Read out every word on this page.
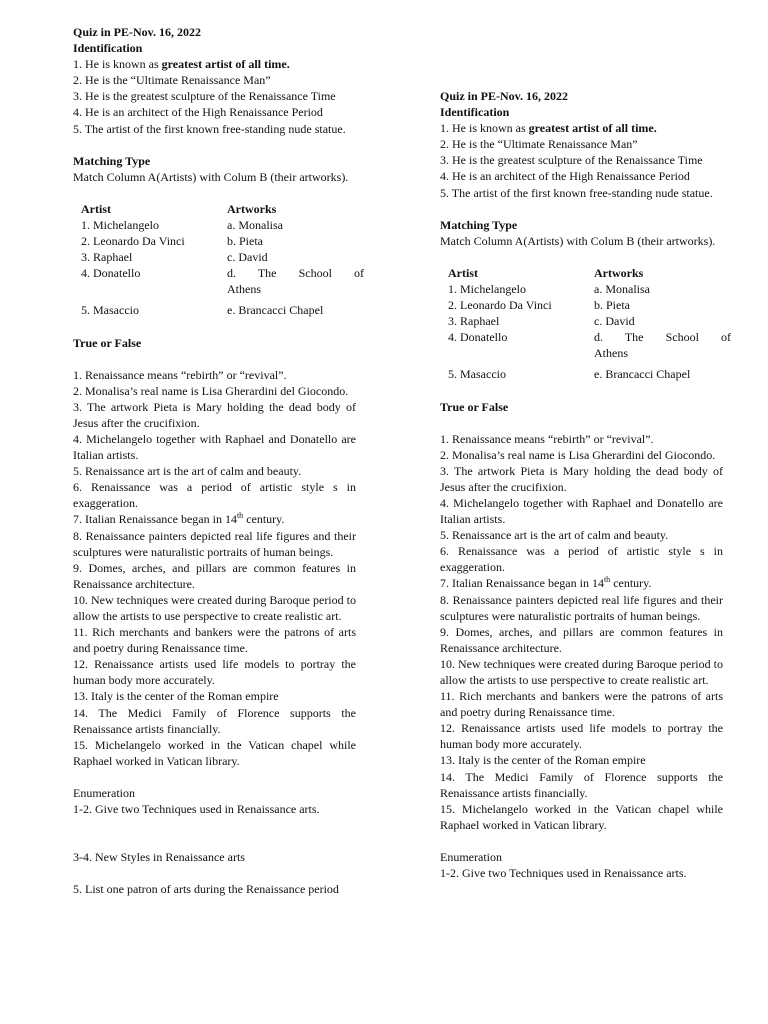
Quiz in PE-Nov. 16, 2022
Identification
1. He is known as greatest artist of all time.
2. He is the “Ultimate Renaissance Man”
3. He is the greatest sculpture of the Renaissance Time
4. He is an architect of the High Renaissance Period
5. The artist of the first known free-standing nude statue.
Matching Type
Match Column A(Artists) with Colum B (their artworks).
Artist	Artworks
1. Michelangelo	a. Monalisa
2. Leonardo Da Vinci	b. Pieta
3. Raphael	c. David
4. Donatello	d. The School of
Athens
5. Masaccio	e. Brancacci Chapel
True or False
1. Renaissance means “rebirth” or “revival”.
2. Monalisa’s real name is Lisa Gherardini del Giocondo.
3. The artwork Pieta is Mary holding the dead body of Jesus after the crucifixion.
4. Michelangelo together with Raphael and Donatello are Italian artists.
5. Renaissance art is the art of calm and beauty.
6. Renaissance was a period of artistic style s in exaggeration.
7. Italian Renaissance began in 14th century.
8. Renaissance painters depicted real life figures and their sculptures were naturalistic portraits of human beings.
9. Domes, arches, and pillars are common features in Renaissance architecture.
10. New techniques were created during Baroque period to allow the artists to use perspective to create realistic art.
11. Rich merchants and bankers were the patrons of arts and poetry during Renaissance time.
12. Renaissance artists used life models to portray the human body more accurately.
13. Italy is the center of the Roman empire
14. The Medici Family of Florence supports the Renaissance artists financially.
15. Michelangelo worked in the Vatican chapel while Raphael worked in Vatican library.
Enumeration
1-2. Give two Techniques used in Renaissance arts.
3-4. New Styles in Renaissance arts
5. List one patron of arts during the Renaissance period
Quiz in PE-Nov. 16, 2022
Identification
1. He is known as greatest artist of all time.
2. He is the “Ultimate Renaissance Man”
3. He is the greatest sculpture of the Renaissance Time
4. He is an architect of the High Renaissance Period
5. The artist of the first known free-standing nude statue.
Matching Type
Match Column A(Artists) with Colum B (their artworks).
Artist	Artworks
1. Michelangelo	a. Monalisa
2. Leonardo Da Vinci	b. Pieta
3. Raphael	c. David
4. Donatello	d. The School of
Athens
5. Masaccio	e. Brancacci Chapel
True or False
1. Renaissance means “rebirth” or “revival”.
2. Monalisa’s real name is Lisa Gherardini del Giocondo.
3. The artwork Pieta is Mary holding the dead body of Jesus after the crucifixion.
4. Michelangelo together with Raphael and Donatello are Italian artists.
5. Renaissance art is the art of calm and beauty.
6. Renaissance was a period of artistic style s in exaggeration.
7. Italian Renaissance began in 14th century.
8. Renaissance painters depicted real life figures and their sculptures were naturalistic portraits of human beings.
9. Domes, arches, and pillars are common features in Renaissance architecture.
10. New techniques were created during Baroque period to allow the artists to use perspective to create realistic art.
11. Rich merchants and bankers were the patrons of arts and poetry during Renaissance time.
12. Renaissance artists used life models to portray the human body more accurately.
13. Italy is the center of the Roman empire
14. The Medici Family of Florence supports the Renaissance artists financially.
15. Michelangelo worked in the Vatican chapel while Raphael worked in Vatican library.
Enumeration
1-2. Give two Techniques used in Renaissance arts.
